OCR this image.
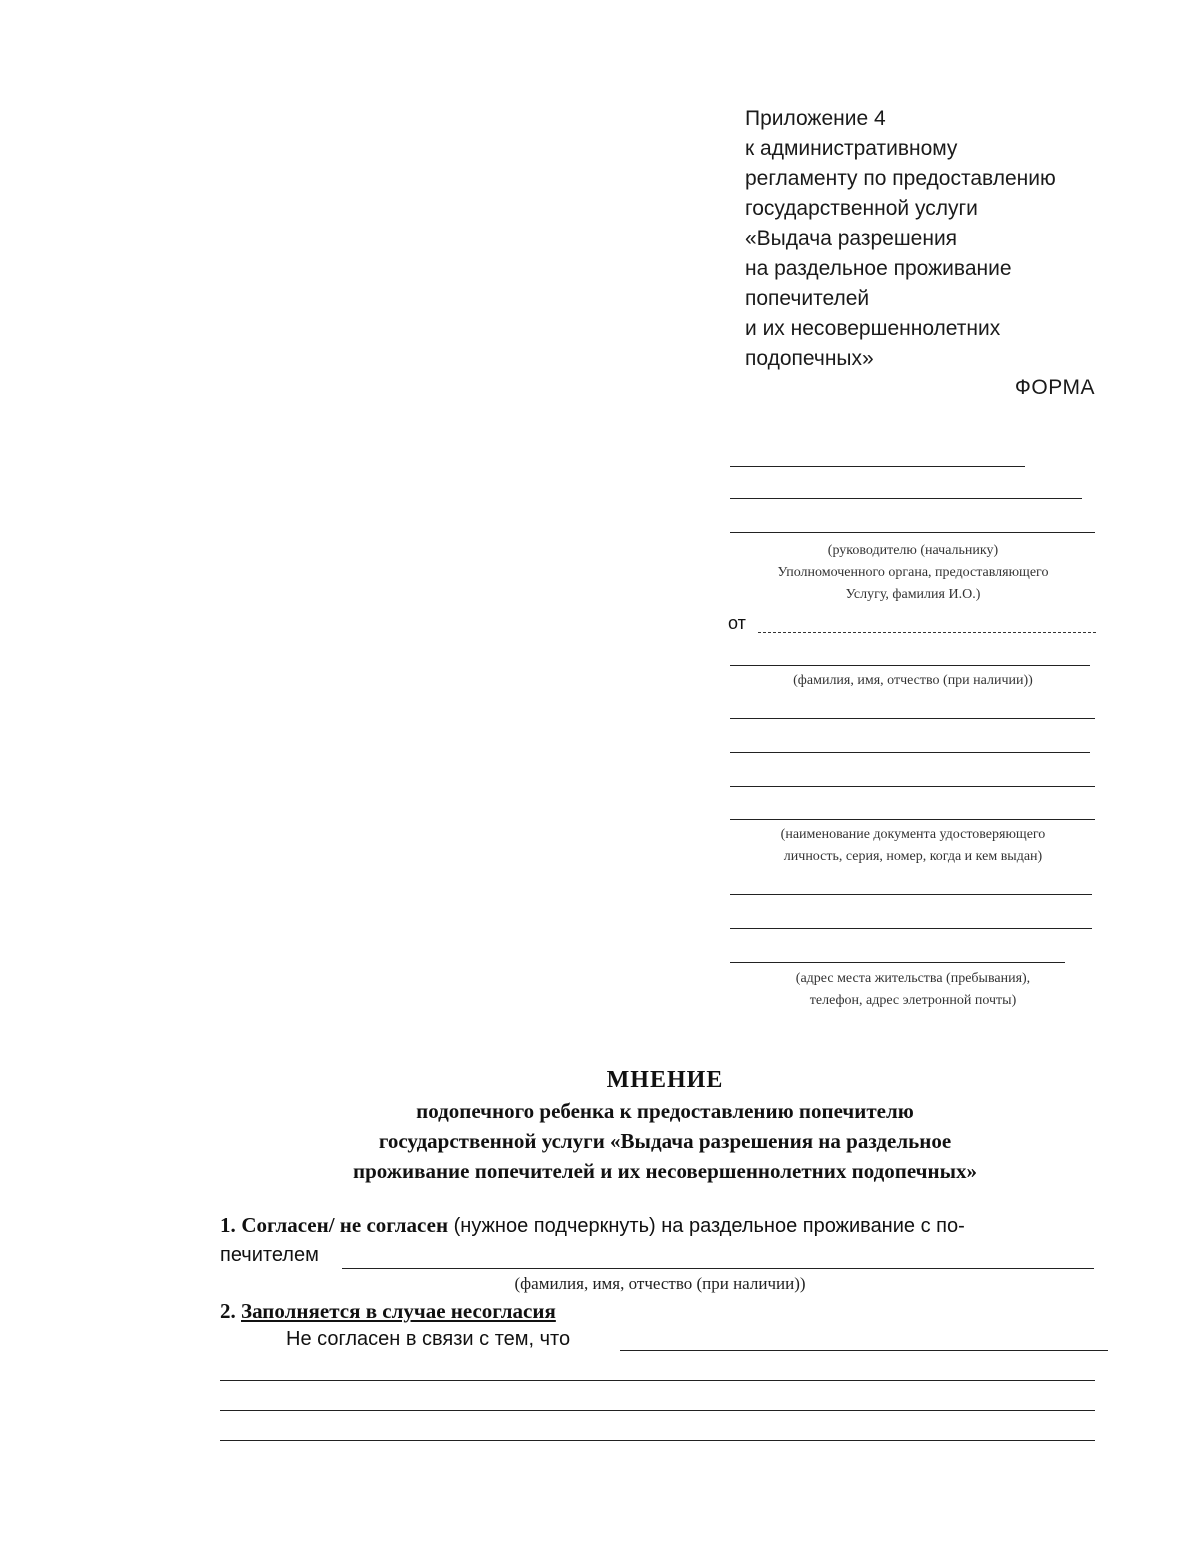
Приложение 4
к административному
регламенту по предоставлению
государственной услуги
«Выдача разрешения
на раздельное проживание
попечителей
и их несовершеннолетних
подопечных»
ФОРМА
(руководителю (начальнику)
Уполномоченного органа, предоставляющего
Услугу, фамилия И.О.)
от
(фамилия, имя, отчество (при наличии))
(наименование документа удостоверяющего
личность, серия, номер, когда и кем выдан)
(адрес места жительства (пребывания),
телефон, адрес элетронной почты)
МНЕНИЕ
подопечного ребенка к предоставлению попечителю
государственной услуги «Выдача разрешения на раздельное
проживание попечителей и их несовершеннолетних подопечных»
1. Согласен/ не согласен (нужное подчеркнуть) на раздельное проживание с по-
печителем
(фамилия, имя, отчество (при наличии))
2. Заполняется в случае несогласия
Не согласен в связи с тем, что
